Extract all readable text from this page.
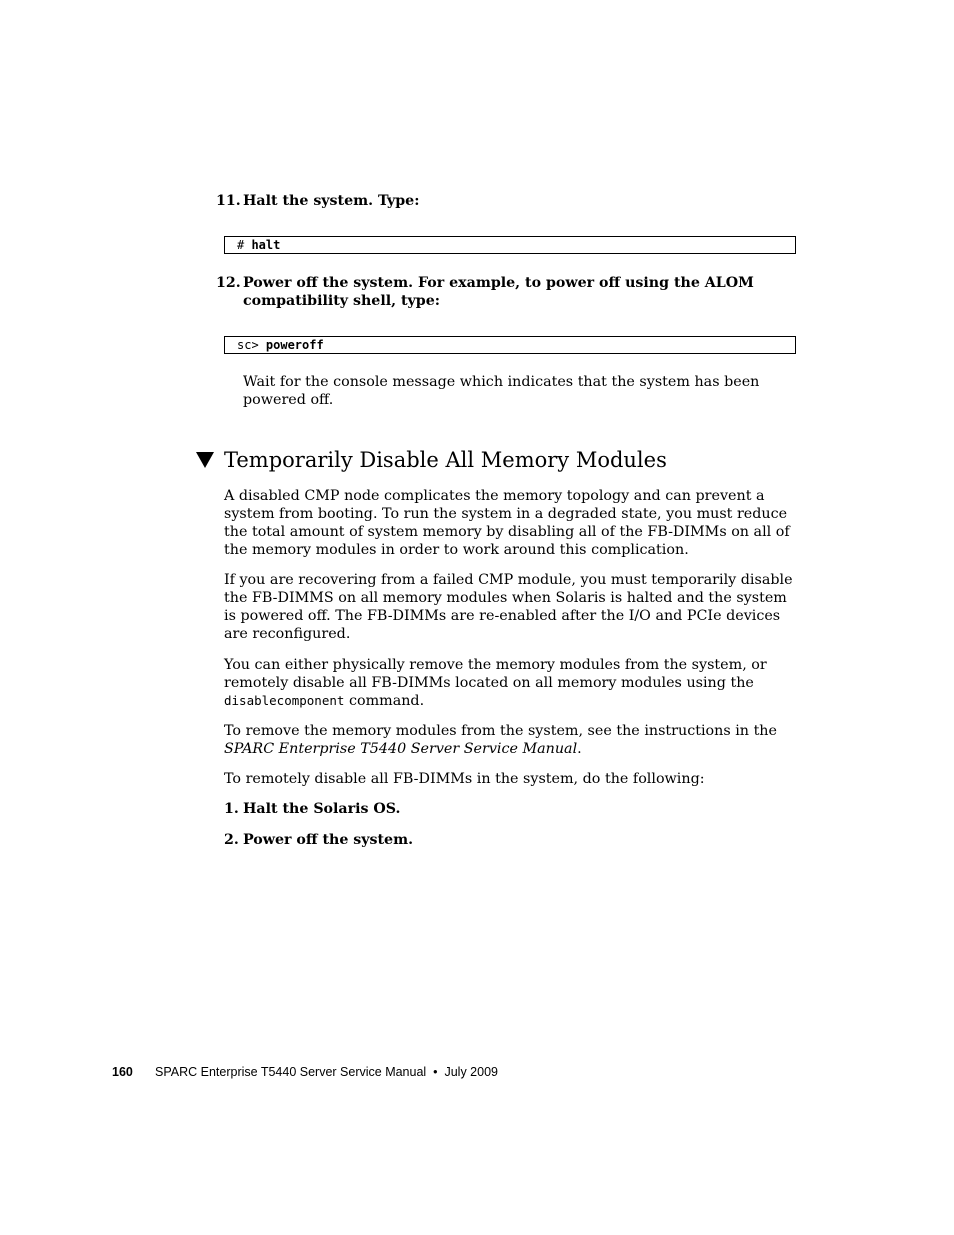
11. Halt the system. Type:
# halt
12. Power off the system. For example, to power off using the ALOM compatibility shell, type:
sc> poweroff
Wait for the console message which indicates that the system has been powered off.
Temporarily Disable All Memory Modules
A disabled CMP node complicates the memory topology and can prevent a system from booting. To run the system in a degraded state, you must reduce the total amount of system memory by disabling all of the FB-DIMMs on all of the memory modules in order to work around this complication.
If you are recovering from a failed CMP module, you must temporarily disable the FB-DIMMS on all memory modules when Solaris is halted and the system is powered off. The FB-DIMMs are re-enabled after the I/O and PCIe devices are reconfigured.
You can either physically remove the memory modules from the system, or remotely disable all FB-DIMMs located on all memory modules using the disablecomponent command.
To remove the memory modules from the system, see the instructions in the SPARC Enterprise T5440 Server Service Manual.
To remotely disable all FB-DIMMs in the system, do the following:
1. Halt the Solaris OS.
2. Power off the system.
160 SPARC Enterprise T5440 Server Service Manual • July 2009
